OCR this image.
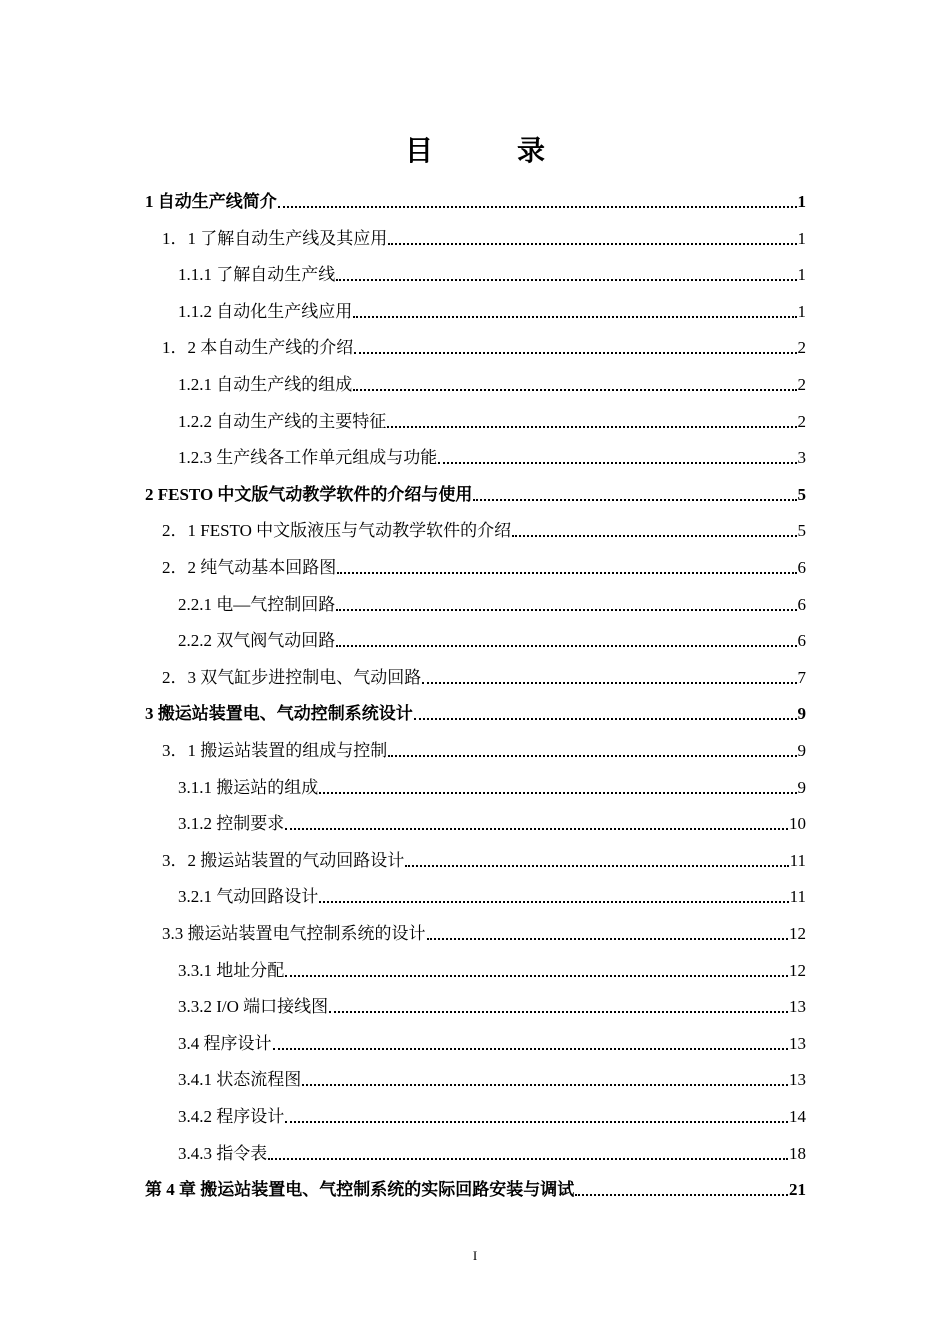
目　录
1 自动生产线简介	1
1．1 了解自动生产线及其应用	1
1.1.1 了解自动生产线	1
1.1.2 自动化生产线应用	1
1．2 本自动生产线的介绍	2
1.2.1 自动生产线的组成	2
1.2.2 自动生产线的主要特征	2
1.2.3 生产线各工作单元组成与功能	3
2 FESTO 中文版气动教学软件的介绍与使用	5
2．1 FESTO 中文版液压与气动教学软件的介绍	5
2．2 纯气动基本回路图	6
2.2.1 电—气控制回路	6
2.2.2 双气阀气动回路	6
2．3 双气缸步进控制电、气动回路	7
3 搬运站装置电、气动控制系统设计	9
3．1 搬运站装置的组成与控制	9
3.1.1 搬运站的组成	9
3.1.2 控制要求	10
3．2 搬运站装置的气动回路设计	11
3.2.1 气动回路设计	11
3.3 搬运站装置电气控制系统的设计	12
3.3.1 地址分配	12
3.3.2 I/O 端口接线图	13
3.4 程序设计	13
3.4.1 状态流程图	13
3.4.2 程序设计	14
3.4.3 指令表	18
第 4 章 搬运站装置电、气控制系统的实际回路安装与调试	21
I
